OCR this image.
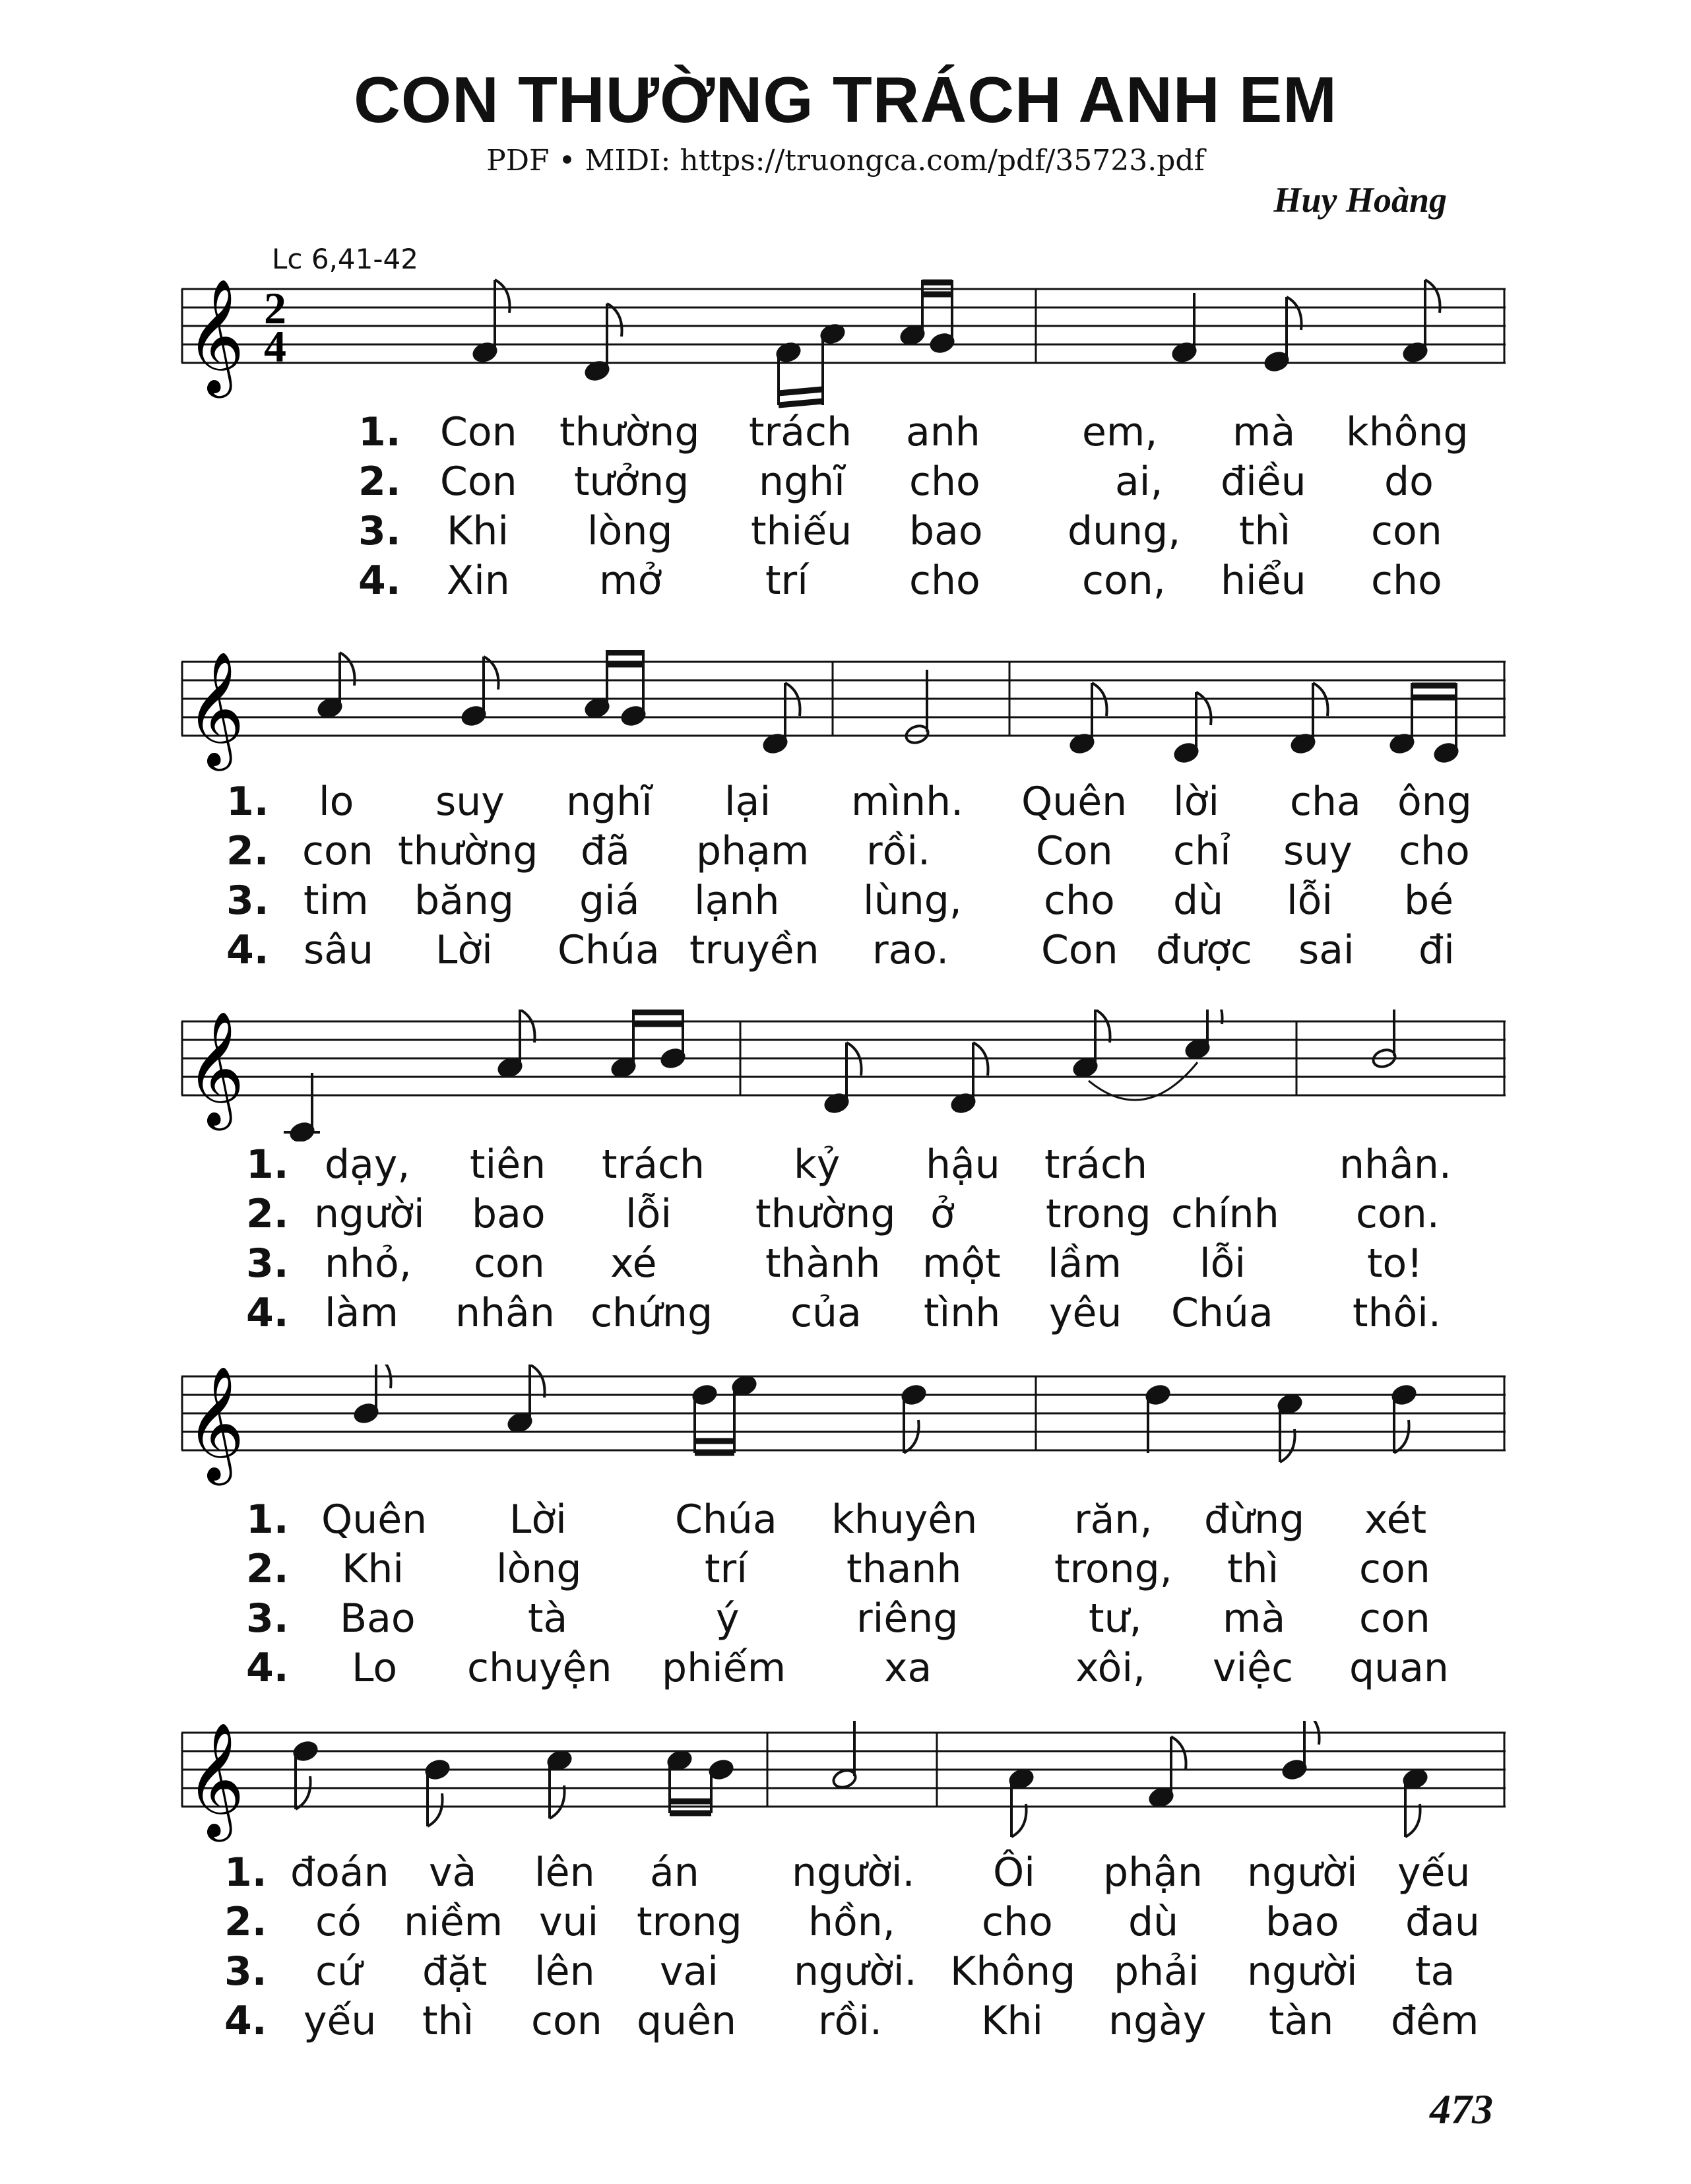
CON THƯỜNG TRÁCH ANH EM
PDF • MIDI: https://truongca.com/pdf/35723.pdf
Huy Hoàng
Lc 6,41-42
𝄞 2
4
1. Con thường trách anh	em, mà không
2. Con tưởng nghĩ cho	ai, điều do
3. Khi lòng thiếu bao dung, thì con
4. Xin mở	trí	cho	con, hiểu cho
𝄞
1. lo suy nghĩ lại mình. Quên lời cha ông
2. con thường đã phạm rồi.	Con chỉ suy cho
3. tim băng giá lạnh lùng, cho dù lỗi bé
4. sâu Lời Chúa truyền rao. Con được sai đi
𝄞
1. dạy, tiên trách kỷ hậu trách	nhân.
2. người bao lỗi thường ở trong chính con.
3. nhỏ, con xé	thành một lầm lỗi	to!
4. làm nhân chứng của tình yêu Chúa thôi.
𝄞
1. Quên Lời	Chúa khuyên răn, đừng xét
2. Khi lòng	trí	thanh trong, thì con
3. Bao	tà	ý	riêng	tư, mà con
4. Lo chuyện phiếm xa	xôi, việc quan
𝄞
1. đoán và lên án người. Ôi phận người yếu
2. có niềm vui trong hồn, cho dù bao đau
3. cứ đặt lên vai người. Không phải người ta
4. yếu thì con quên rồi. Khi ngày tàn đêm
473
